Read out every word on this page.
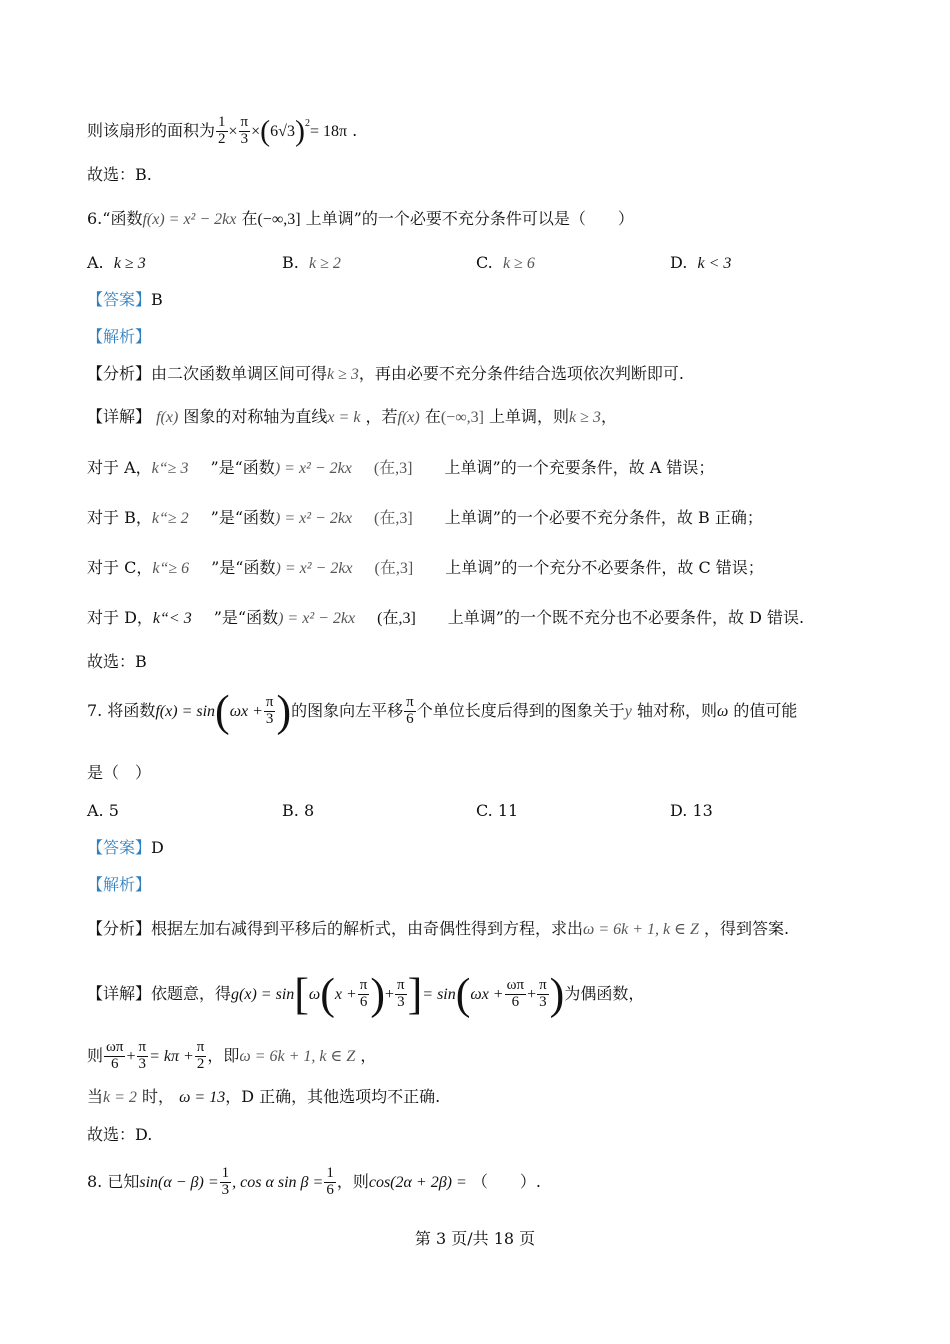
则该扇形的面积为 $\frac{1}{2} \times \frac{\pi}{3} \times(6√3)^2= 18\pi$ .
故选：B.
6.“函数f(x) = x² − 2kx 在(−∞,3] 上单调”的一个必要不充分条件可以是（　　）
A. k ≥ 3	B. k ≥ 2	C. k ≥ 6	D. k < 3
【答案】B
【解析】
【分析】由二次函数单调区间可得k ≥ 3，再由必要不充分条件结合选项依次判断即可.
【详解】 f(x) 图象的对称轴为直线x = k ，若f(x) 在(−∞,3] 上单调，则k ≥ 3，
对于 A，k“≥ 3 ”是“函数) = x² − 2kx (在,3] 上单调”的一个充要条件，故 A 错误；
对于 B，k“≥ 2 ”是“函数) = x² − 2kx (在,3] 上单调”的一个必要不充分条件，故 B 正确；
对于 C，k“≥ 6 ”是“函数) = x² − 2kx (在,3] 上单调”的一个充分不必要条件，故 C 错误；
对于 D，k“< 3 ”是“函数) = x² − 2kx (在,3] 上单调”的一个既不充分也不必要条件，故 D 错误.
故选：B
7. 将函数$f(x) = \sin(\omega x + \frac{\pi}{3}$ )的图象向左平移 $\frac{\pi}{6}$ 个单位长度后得到的图象关于y 轴对称，则ω 的值可能
是（　）
A. 5	B. 8	C. 11	D. 13
【答案】D
【解析】
【分析】根据左加右减得到平移后的解析式，由奇偶性得到方程，求出ω = 6k + 1, k ∈ Z ，得到答案.
【详解】依题意，得$g(x) = \sin[\omega(x + \frac{\pi}{6}$ )+ $\frac{\pi}{3}$ ]= $\sin(\omega x + \frac{\omega\pi}{6} + \frac{\pi}{3}$ )为偶函数，
则 $\frac{\omega\pi}{6} + \frac{\pi}{3} = k\pi + \frac{\pi}{2}$ ，即ω = 6k + 1, k ∈ Z ，
当k = 2 时， ω = 13，D 正确，其他选项均不正确.
故选：D.
8. 已知$\sin(\alpha - \beta) = \frac{1}{3}$ , cos α $\sin \beta = \frac{1}{6}$ ，则cos(2α + 2β) = （　　）.
第 3 页/共 18 页
